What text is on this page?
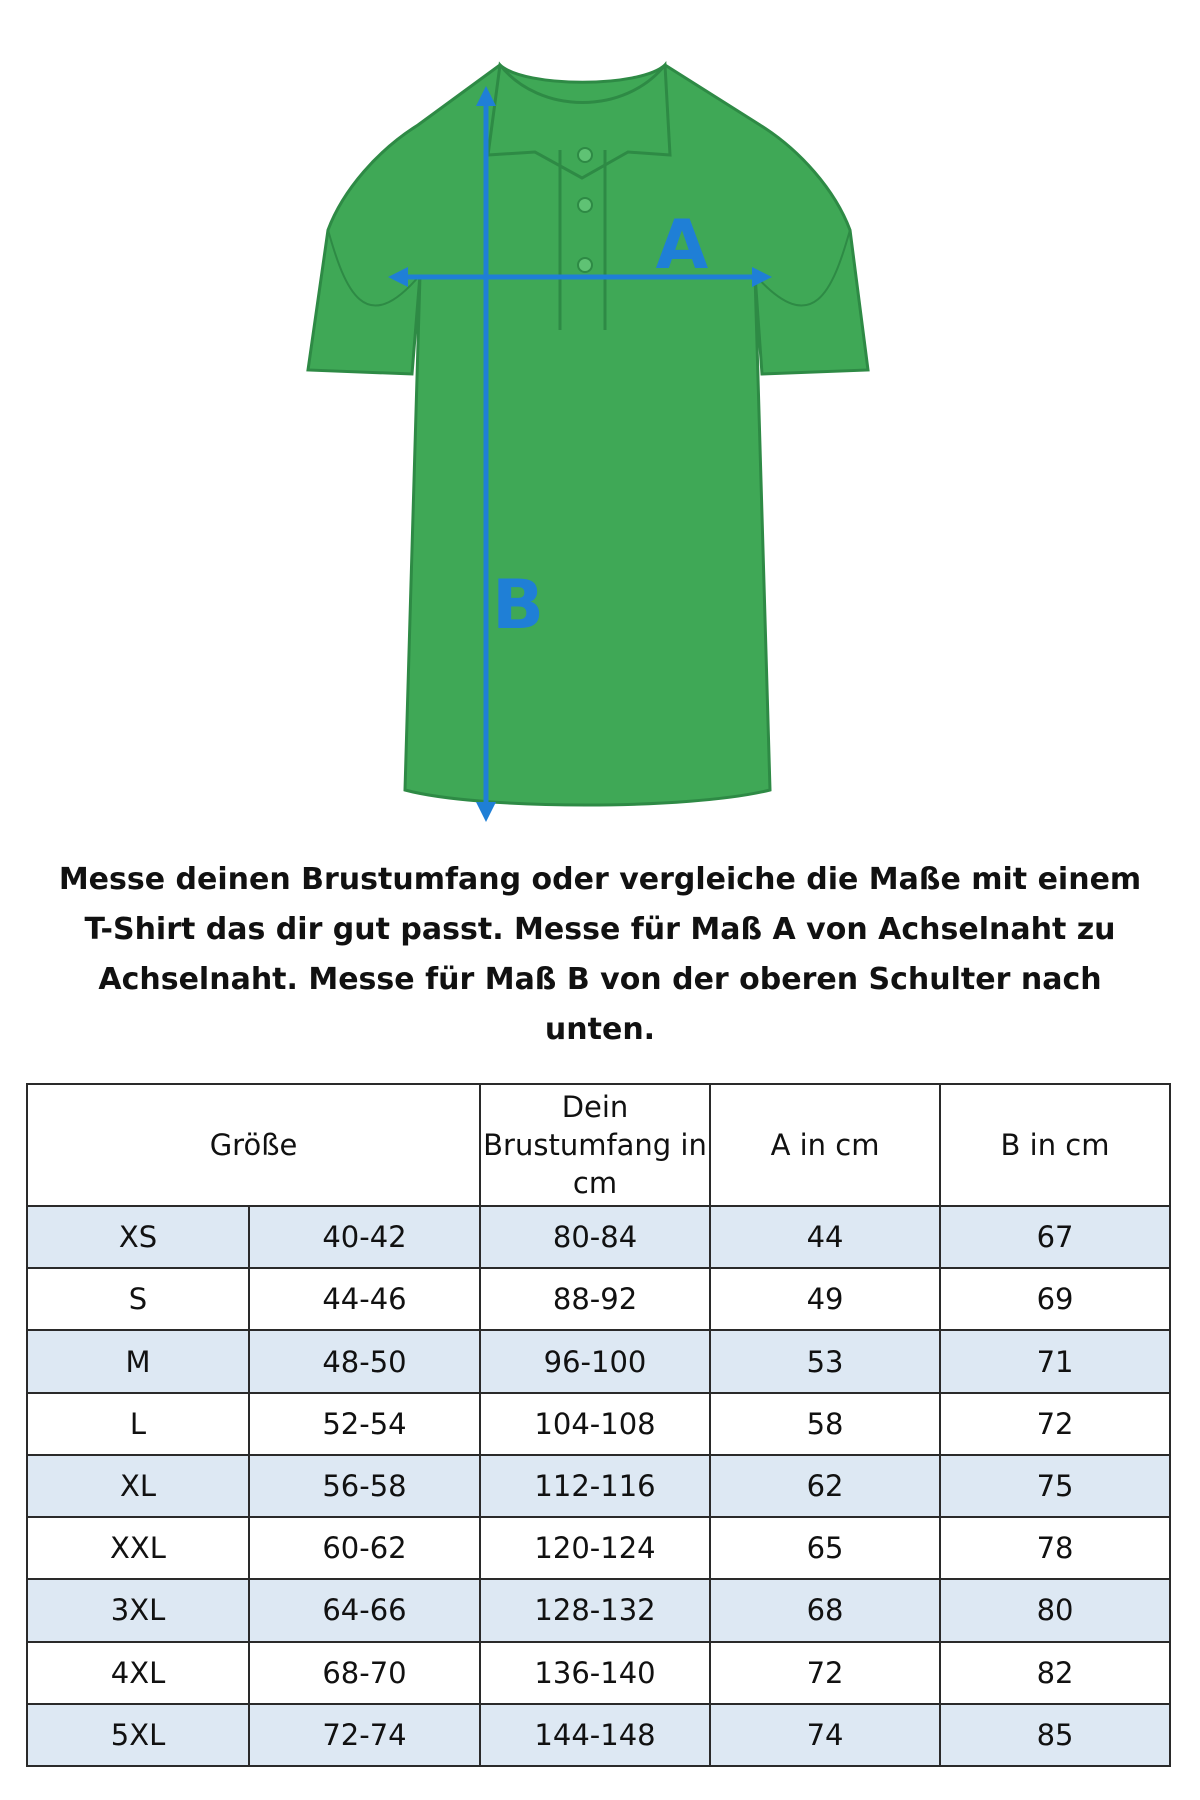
A
B

Messe deinen Brustumfang oder vergleiche die Maße mit einem T-Shirt das dir gut passt. Messe für Maß A von Achselnaht zu Achselnaht. Messe für Maß B von der oberen Schulter nach unten.

Größe		Dein Brustumfang in cm	A in cm	B in cm
XS	40-42	80-84	44	67
S	44-46	88-92	49	69
M	48-50	96-100	53	71
L	52-54	104-108	58	72
XL	56-58	112-116	62	75
XXL	60-62	120-124	65	78
3XL	64-66	128-132	68	80
4XL	68-70	136-140	72	82
5XL	72-74	144-148	74	85
